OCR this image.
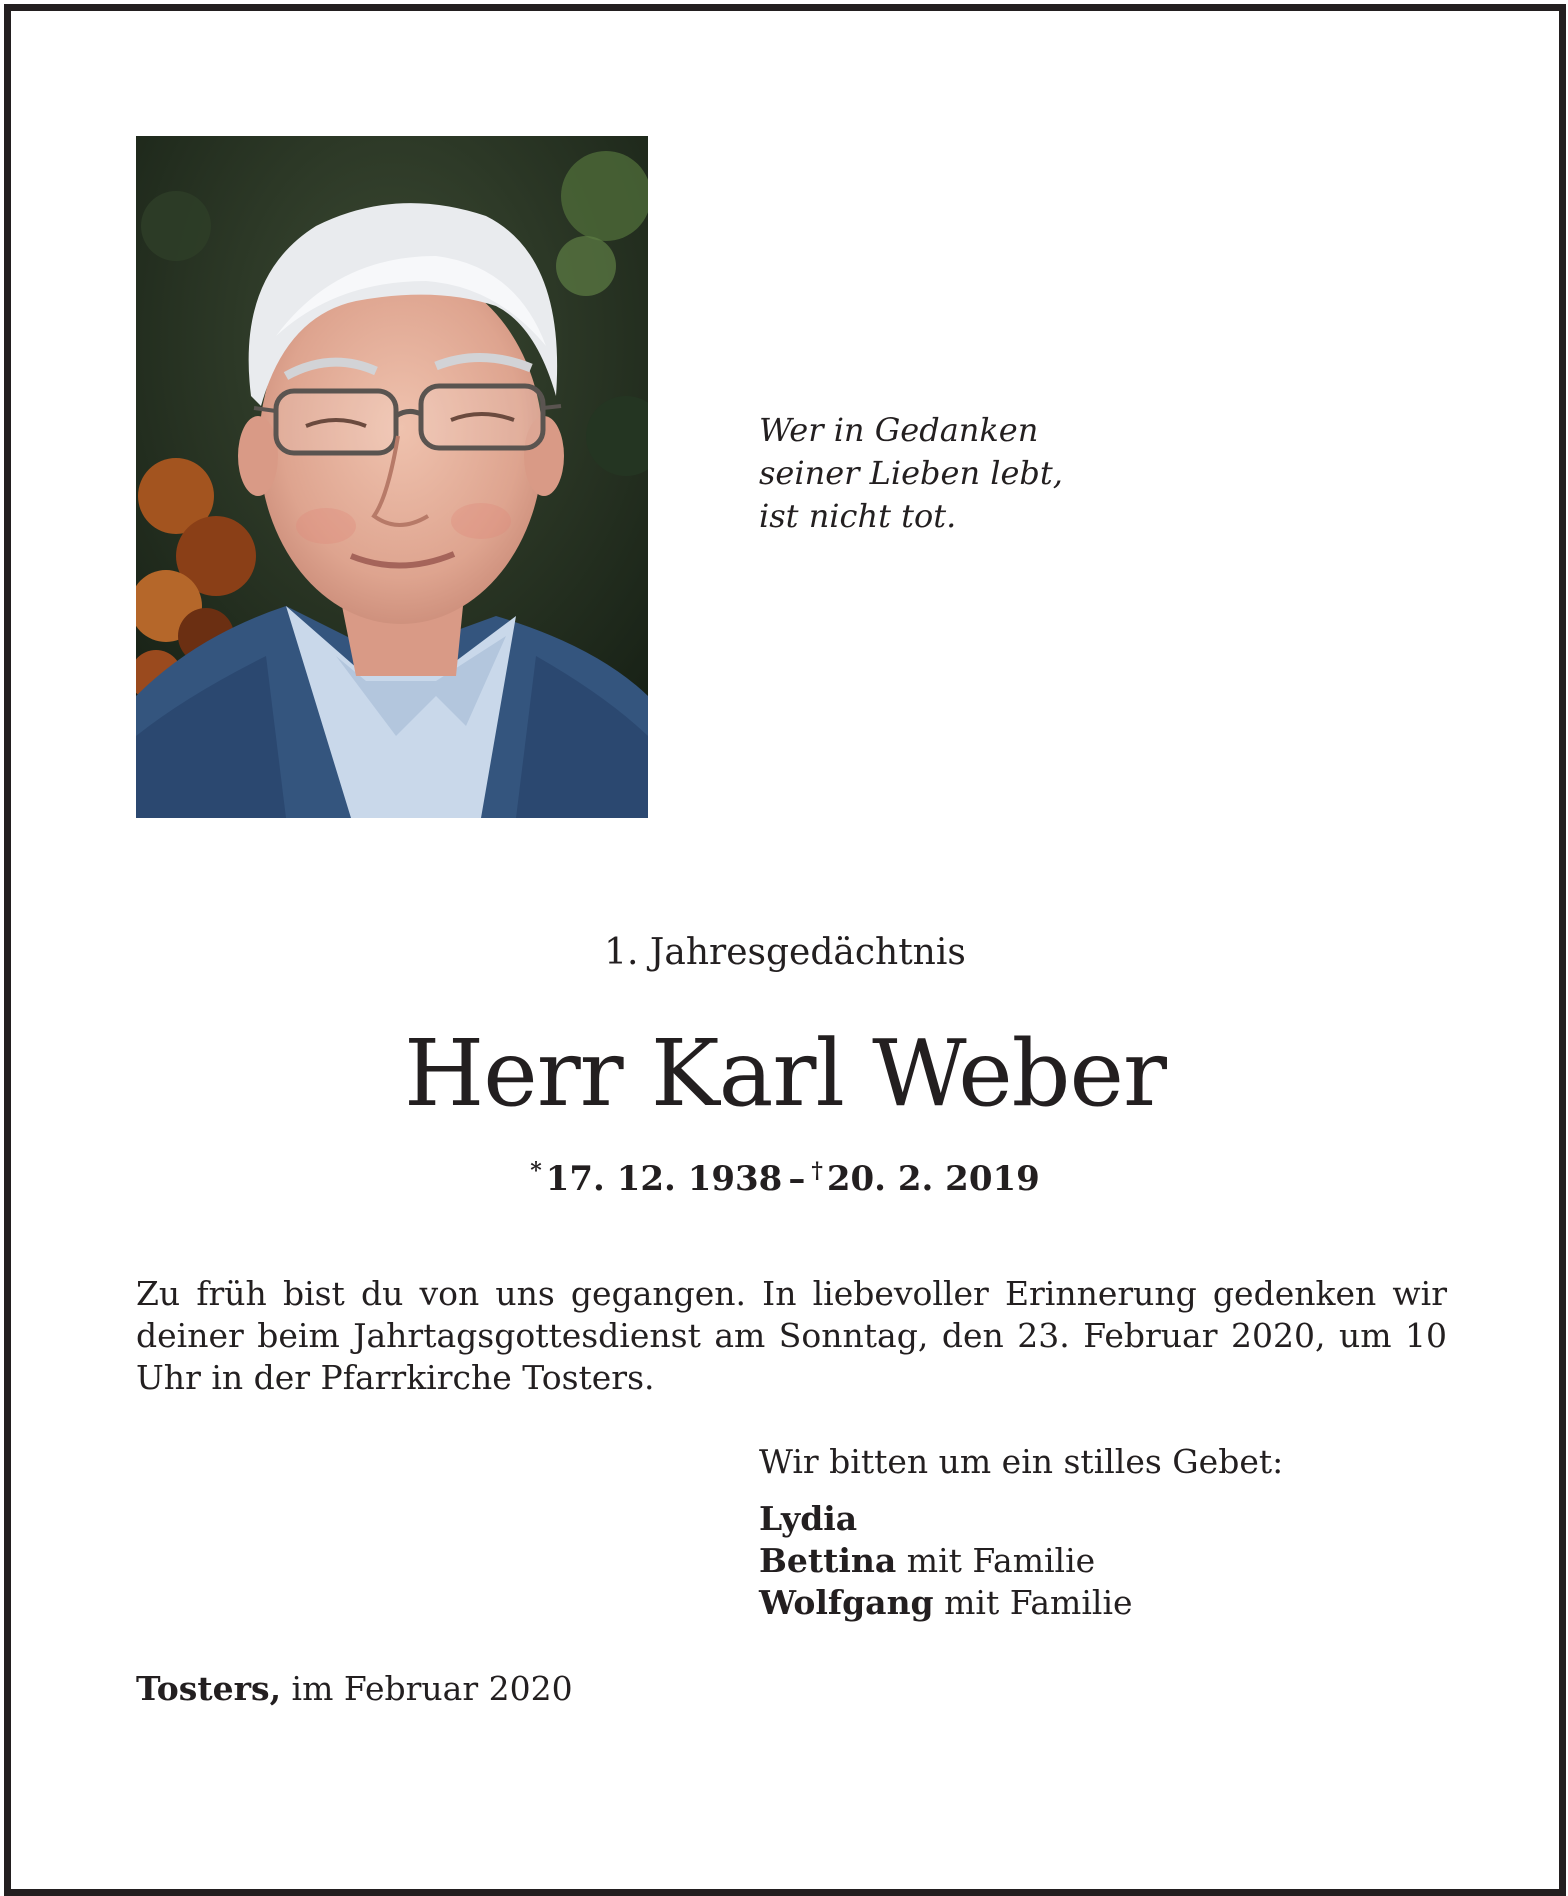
Wer in Gedanken
seiner Lieben lebt,
ist nicht tot.
1. Jahresgedächtnis
Herr Karl Weber
* 17. 12. 1938 – † 20. 2. 2019
Zu früh bist du von uns gegangen. In liebevoller Erinnerung gedenken wir deiner beim Jahrtagsgottesdienst am Sonntag, den 23. Februar 2020, um 10 Uhr in der Pfarrkirche Tosters.
Wir bitten um ein stilles Gebet:
Lydia
Bettina mit Familie
Wolfgang mit Familie
Tosters, im Februar 2020
